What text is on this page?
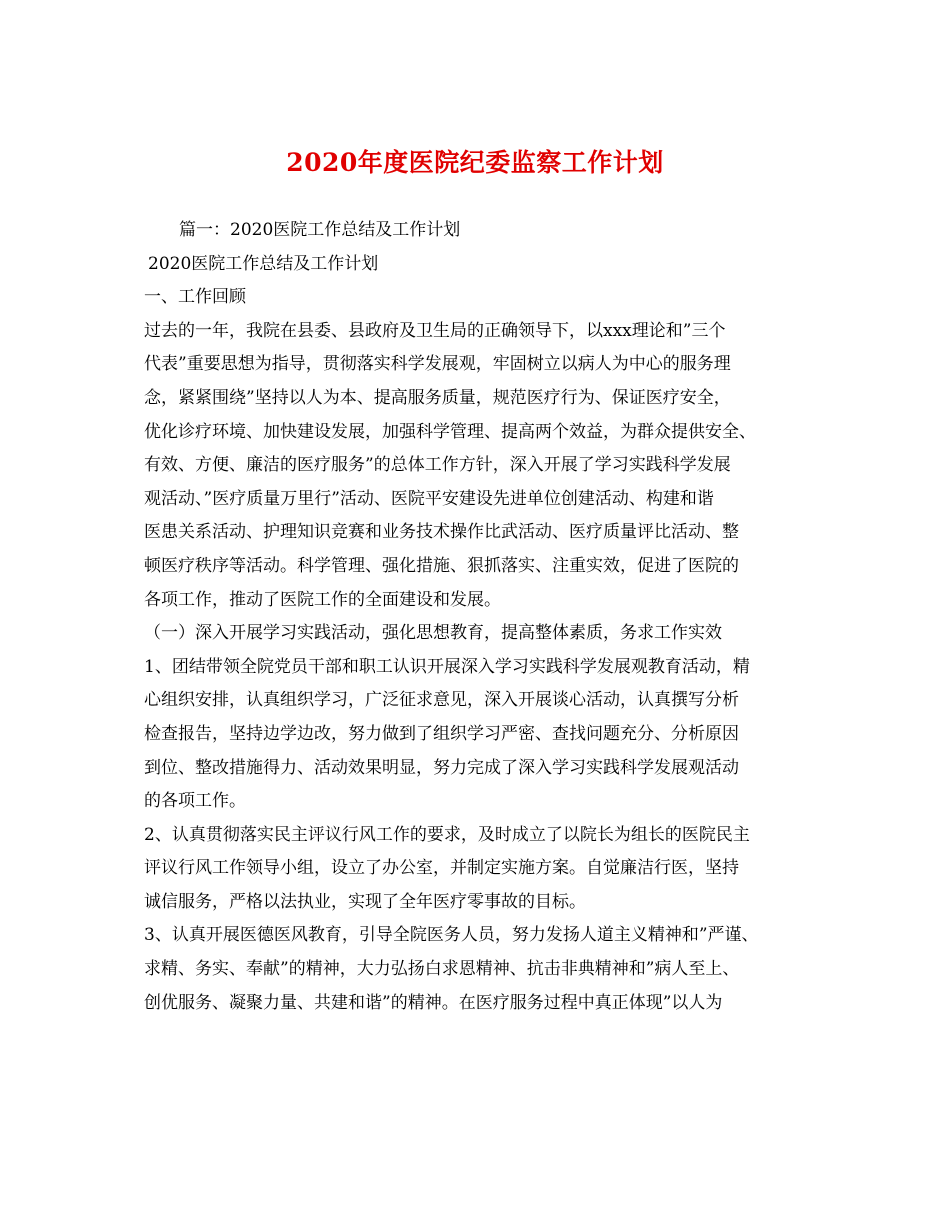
2020年度医院纪委监察工作计划
篇一：2020医院工作总结及工作计划
2020医院工作总结及工作计划
一、工作回顾
过去的一年，我院在县委、县政府及卫生局的正确领导下，以xxx理论和”三个
代表”重要思想为指导，贯彻落实科学发展观，牢固树立以病人为中心的服务理
念，紧紧围绕”坚持以人为本、提高服务质量，规范医疗行为、保证医疗安全，
优化诊疗环境、加快建设发展，加强科学管理、提高两个效益，为群众提供安全、
有效、方便、廉洁的医疗服务”的总体工作方针，深入开展了学习实践科学发展
观活动、”医疗质量万里行”活动、医院平安建设先进单位创建活动、构建和谐
医患关系活动、护理知识竞赛和业务技术操作比武活动、医疗质量评比活动、整
顿医疗秩序等活动。科学管理、强化措施、狠抓落实、注重实效，促进了医院的
各项工作，推动了医院工作的全面建设和发展。
（一）深入开展学习实践活动，强化思想教育，提高整体素质，务求工作实效
1、团结带领全院党员干部和职工认识开展深入学习实践科学发展观教育活动，精
心组织安排，认真组织学习，广泛征求意见，深入开展谈心活动，认真撰写分析
检查报告，坚持边学边改，努力做到了组织学习严密、查找问题充分、分析原因
到位、整改措施得力、活动效果明显，努力完成了深入学习实践科学发展观活动
的各项工作。
2、认真贯彻落实民主评议行风工作的要求，及时成立了以院长为组长的医院民主
评议行风工作领导小组，设立了办公室，并制定实施方案。自觉廉洁行医，坚持
诚信服务，严格以法执业，实现了全年医疗零事故的目标。
3、认真开展医德医风教育，引导全院医务人员，努力发扬人道主义精神和”严谨、
求精、务实、奉献”的精神，大力弘扬白求恩精神、抗击非典精神和”病人至上、
创优服务、凝聚力量、共建和谐”的精神。在医疗服务过程中真正体现”以人为
